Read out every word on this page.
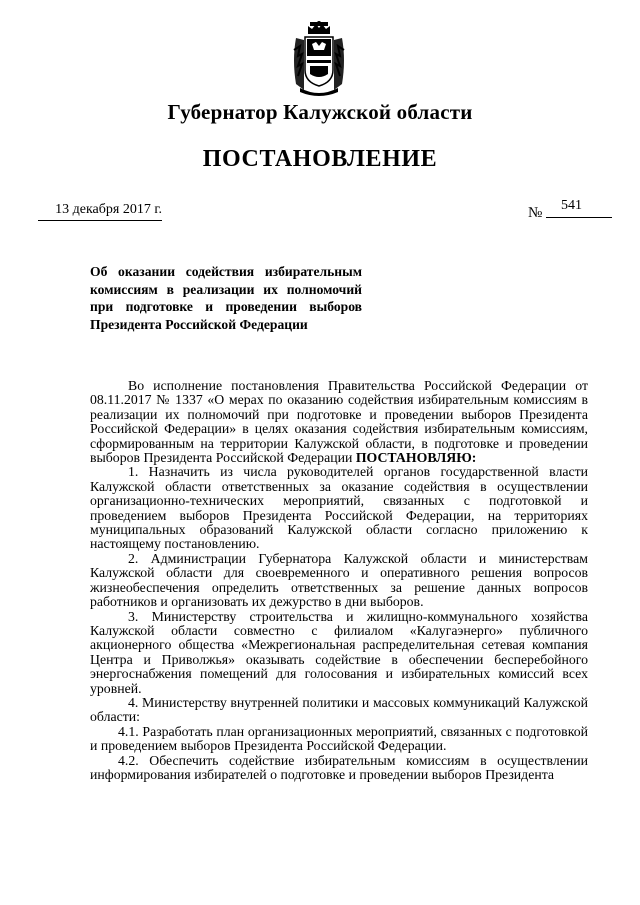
Губернатор Калужской области
ПОСТАНОВЛЕНИЕ
13 декабря 2017 г.	№ 541
Об оказании содействия избирательным комиссиям в реализации их полномочий при подготовке и проведении выборов Президента Российской Федерации

Во исполнение постановления Правительства Российской Федерации от 08.11.2017 № 1337 «О мерах по оказанию содействия избирательным комиссиям в реализации их полномочий при подготовке и проведении выборов Президента Российской Федерации» в целях оказания содействия избирательным комиссиям, сформированным на территории Калужской области, в подготовке и проведении выборов Президента Российской Федерации ПОСТАНОВЛЯЮ:

1. Назначить из числа руководителей органов государственной власти Калужской области ответственных за оказание содействия в осуществлении организационно-технических мероприятий, связанных с подготовкой и проведением выборов Президента Российской Федерации, на территориях муниципальных образований Калужской области согласно приложению к настоящему постановлению.

2. Администрации Губернатора Калужской области и министерствам Калужской области для своевременного и оперативного решения вопросов жизнеобеспечения определить ответственных за решение данных вопросов работников и организовать их дежурство в дни выборов.

3. Министерству строительства и жилищно-коммунального хозяйства Калужской области совместно с филиалом «Калугаэнерго» публичного акционерного общества «Межрегиональная распределительная сетевая компания Центра и Приволжья» оказывать содействие в обеспечении бесперебойного энергоснабжения помещений для голосования и избирательных комиссий всех уровней.

4. Министерству внутренней политики и массовых коммуникаций Калужской области:

4.1. Разработать план организационных мероприятий, связанных с подготовкой и проведением выборов Президента Российской Федерации.

4.2. Обеспечить содействие избирательным комиссиям в осуществлении информирования избирателей о подготовке и проведении выборов Президента
